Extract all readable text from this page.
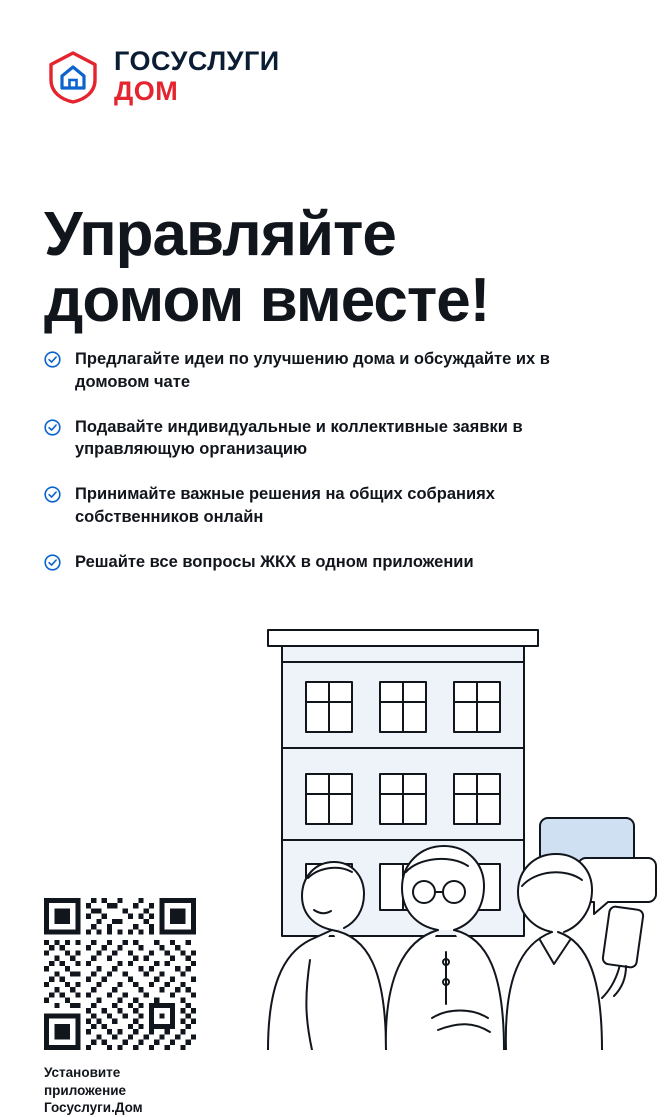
ГОСУСЛУГИ
ДОМ
Управляйте
домом вместе!
Предлагайте идеи по улучшению дома и обсуждайте их в домовом чате
Подавайте индивидуальные и коллективные заявки в управляющую организацию
Принимайте важные решения на общих собраниях собственников онлайн
Решайте все вопросы ЖКХ в одном приложении
Установите приложение
Госуслуги.Дом
